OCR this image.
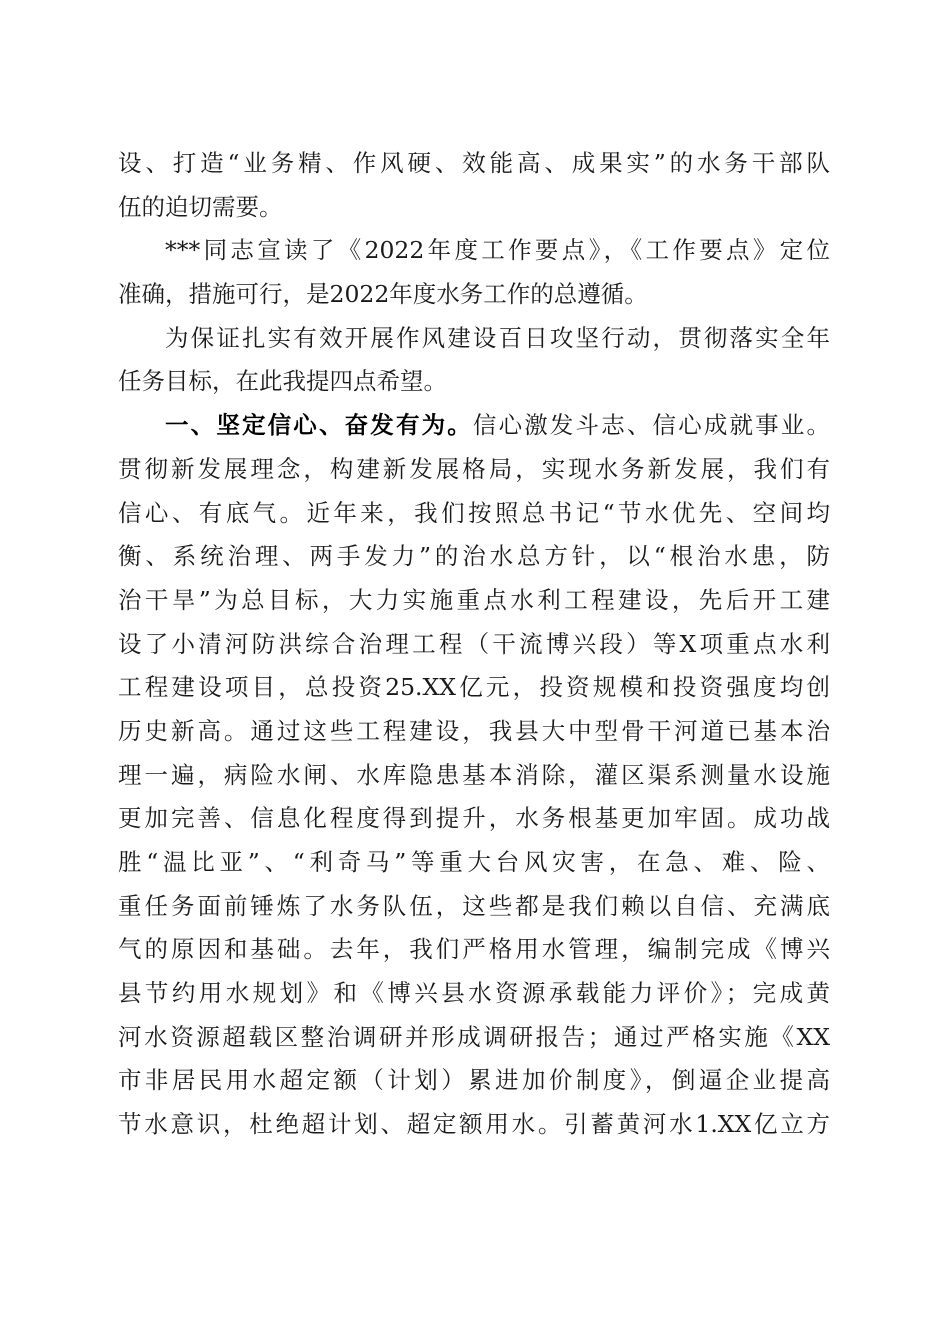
设、打造“业务精、作风硬、效能高、成果实”的水务干部队
伍的迫切需要。
***同志宣读了《2022年度工作要点》，《工作要点》定位
准确，措施可行，是2022年度水务工作的总遵循。
为保证扎实有效开展作风建设百日攻坚行动，贯彻落实全年
任务目标，在此我提四点希望。
一、坚定信心、奋发有为。信心激发斗志、信心成就事业。
贯彻新发展理念，构建新发展格局，实现水务新发展，我们有
信心、有底气。近年来，我们按照总书记“节水优先、空间均
衡、系统治理、两手发力”的治水总方针，以“根治水患，防
治干旱”为总目标，大力实施重点水利工程建设，先后开工建
设了小清河防洪综合治理工程（干流博兴段）等X项重点水利
工程建设项目，总投资25.XX亿元，投资规模和投资强度均创
历史新高。通过这些工程建设，我县大中型骨干河道已基本治
理一遍，病险水闸、水库隐患基本消除，灌区渠系测量水设施
更加完善、信息化程度得到提升，水务根基更加牢固。成功战
胜“温比亚”、“利奇马”等重大台风灾害，在急、难、险、
重任务面前锤炼了水务队伍，这些都是我们赖以自信、充满底
气的原因和基础。去年，我们严格用水管理，编制完成《博兴
县节约用水规划》和《博兴县水资源承载能力评价》；完成黄
河水资源超载区整治调研并形成调研报告；通过严格实施《XX
市非居民用水超定额（计划）累进加价制度》，倒逼企业提高
节水意识，杜绝超计划、超定额用水。引蓄黄河水1.XX亿立方
